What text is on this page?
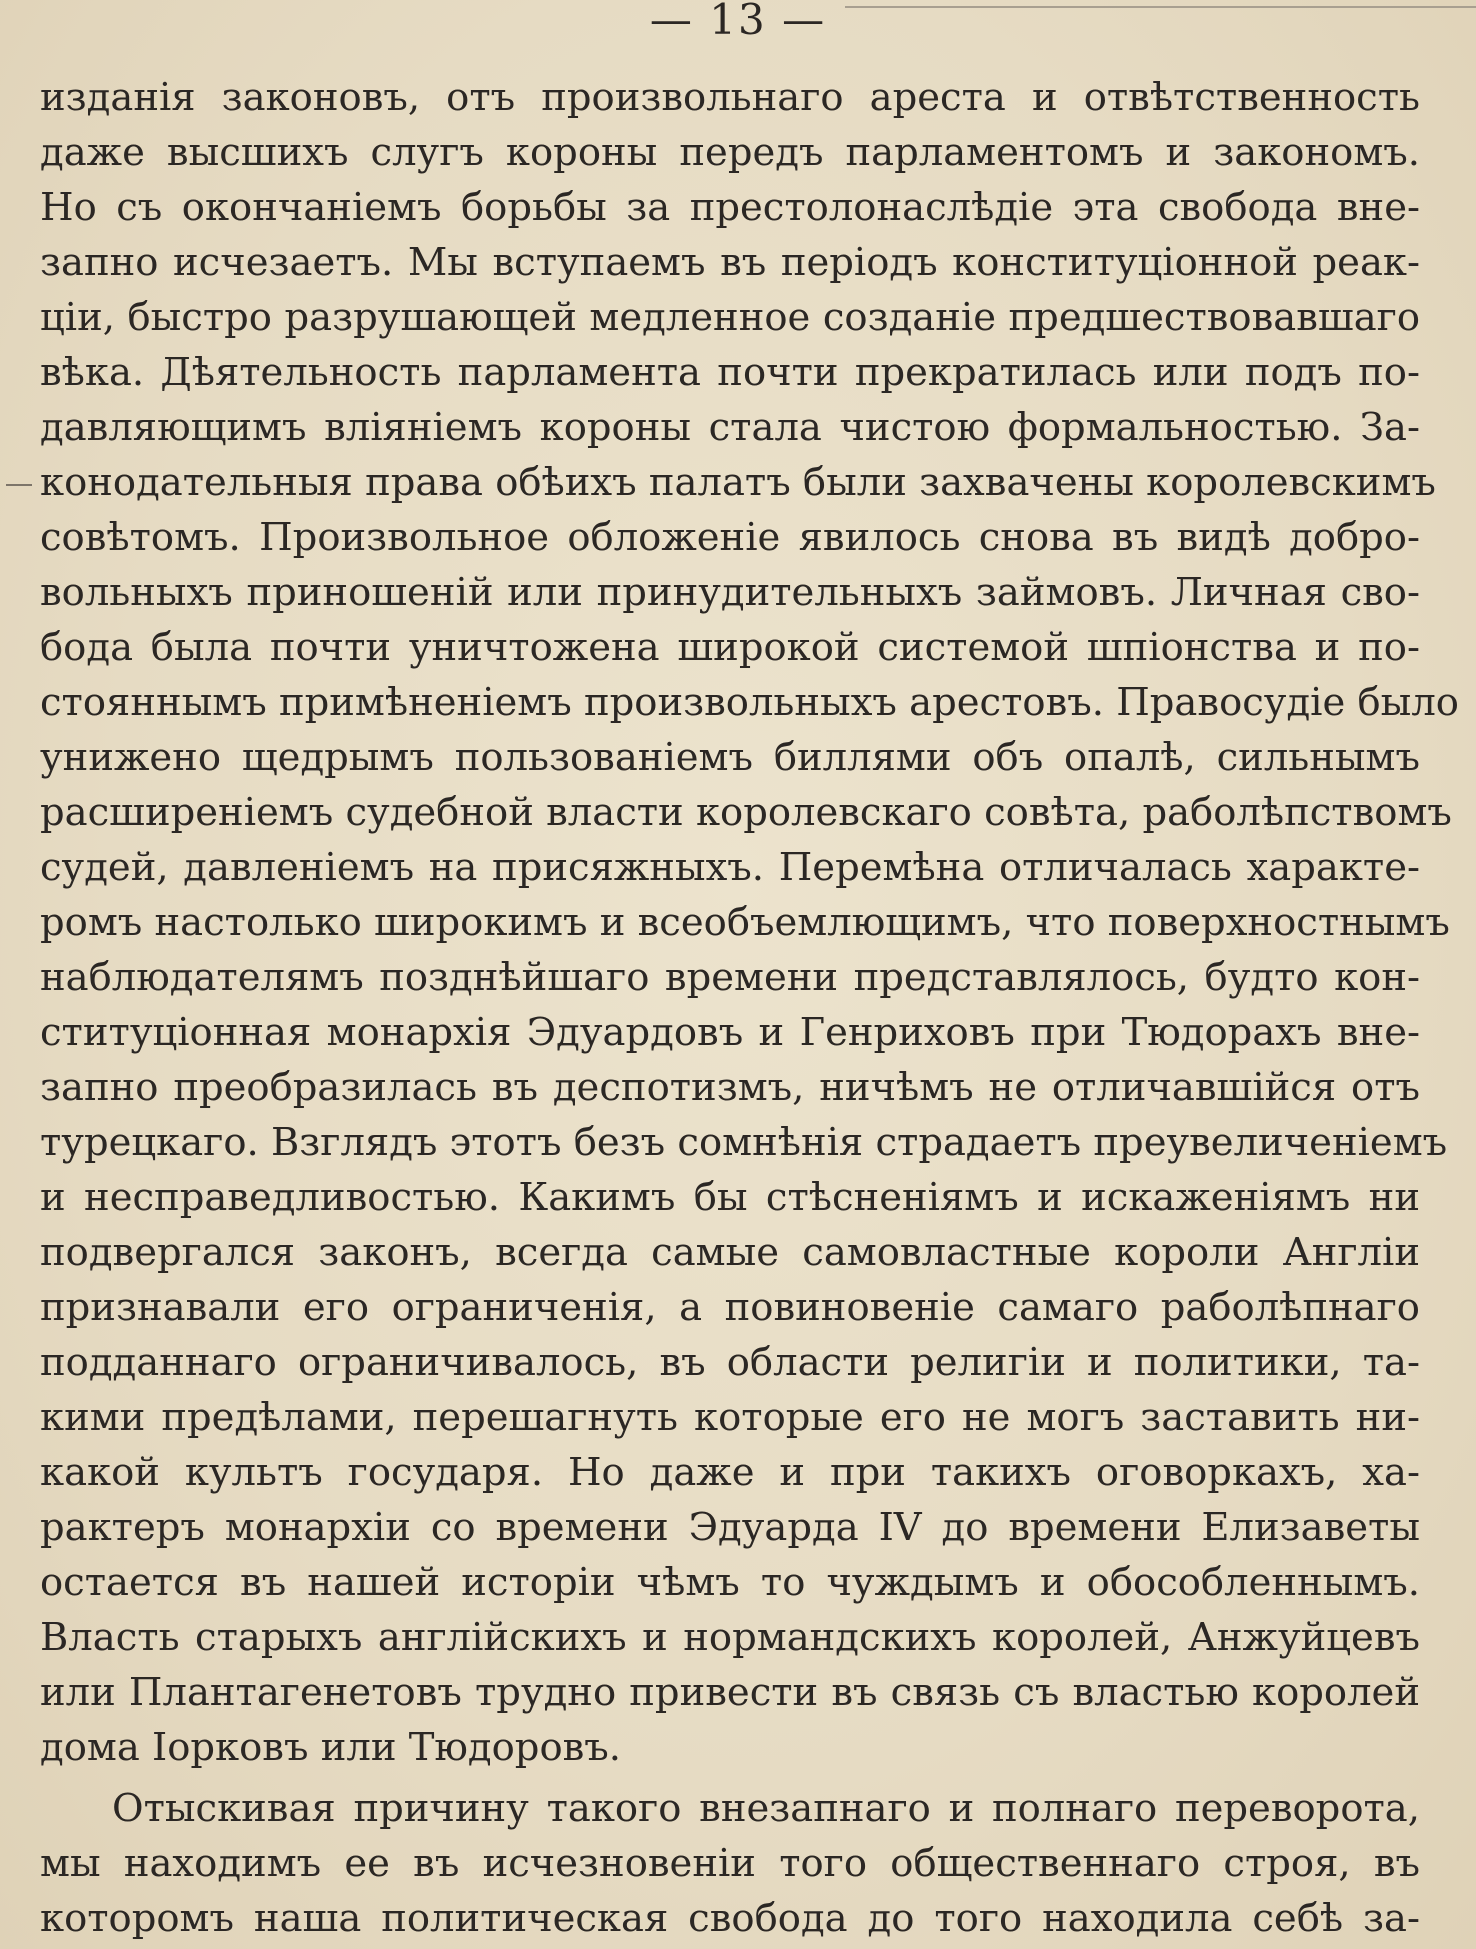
— 13 —
изданія законовъ, отъ произвольнаго ареста и отвѣтственность
даже высшихъ слугъ короны передъ парламентомъ и закономъ.
Но съ окончаніемъ борьбы за престолонаслѣдіе эта свобода вне-
запно исчезаетъ. Мы вступаемъ въ періодъ конституціонной реак-
ціи, быстро разрушающей медленное созданіе предшествовавшаго
вѣка. Дѣятельность парламента почти прекратилась или подъ по-
давляющимъ вліяніемъ короны стала чистою формальностью. За-
конодательныя права обѣихъ палатъ были захвачены королевскимъ
совѣтомъ. Произвольное обложеніе явилось снова въ видѣ добро-
вольныхъ приношеній или принудительныхъ займовъ. Личная сво-
бода была почти уничтожена широкой системой шпіонства и по-
стояннымъ примѣненіемъ произвольныхъ арестовъ. Правосудіе было
унижено щедрымъ пользованіемъ биллями объ опалѣ, сильнымъ
расширеніемъ судебной власти королевскаго совѣта, раболѣпствомъ
судей, давленіемъ на присяжныхъ. Перемѣна отличалась характе-
ромъ настолько широкимъ и всеобъемлющимъ, что поверхностнымъ
наблюдателямъ позднѣйшаго времени представлялось, будто кон-
ституціонная монархія Эдуардовъ и Генриховъ при Тюдорахъ вне-
запно преобразилась въ деспотизмъ, ничѣмъ не отличавшійся отъ
турецкаго. Взглядъ этотъ безъ сомнѣнія страдаетъ преувеличеніемъ
и несправедливостью. Какимъ бы стѣсненіямъ и искаженіямъ ни
подвергался законъ, всегда самые самовластные короли Англіи
признавали его ограниченія, а повиновеніе самаго раболѣпнаго
подданнаго ограничивалось, въ области религіи и политики, та-
кими предѣлами, перешагнуть которые его не могъ заставить ни-
какой культъ государя. Но даже и при такихъ оговоркахъ, ха-
рактеръ монархіи со времени Эдуарда IV до времени Елизаветы
остается въ нашей исторіи чѣмъ то чуждымъ и обособленнымъ.
Власть старыхъ англійскихъ и нормандскихъ королей, Анжуйцевъ
или Плантагенетовъ трудно привести въ связь съ властью королей
дома Іорковъ или Тюдоровъ.
Отыскивая причину такого внезапнаго и полнаго переворота,
мы находимъ ее въ исчезновеніи того общественнаго строя, въ
которомъ наша политическая свобода до того находила себѣ за-
